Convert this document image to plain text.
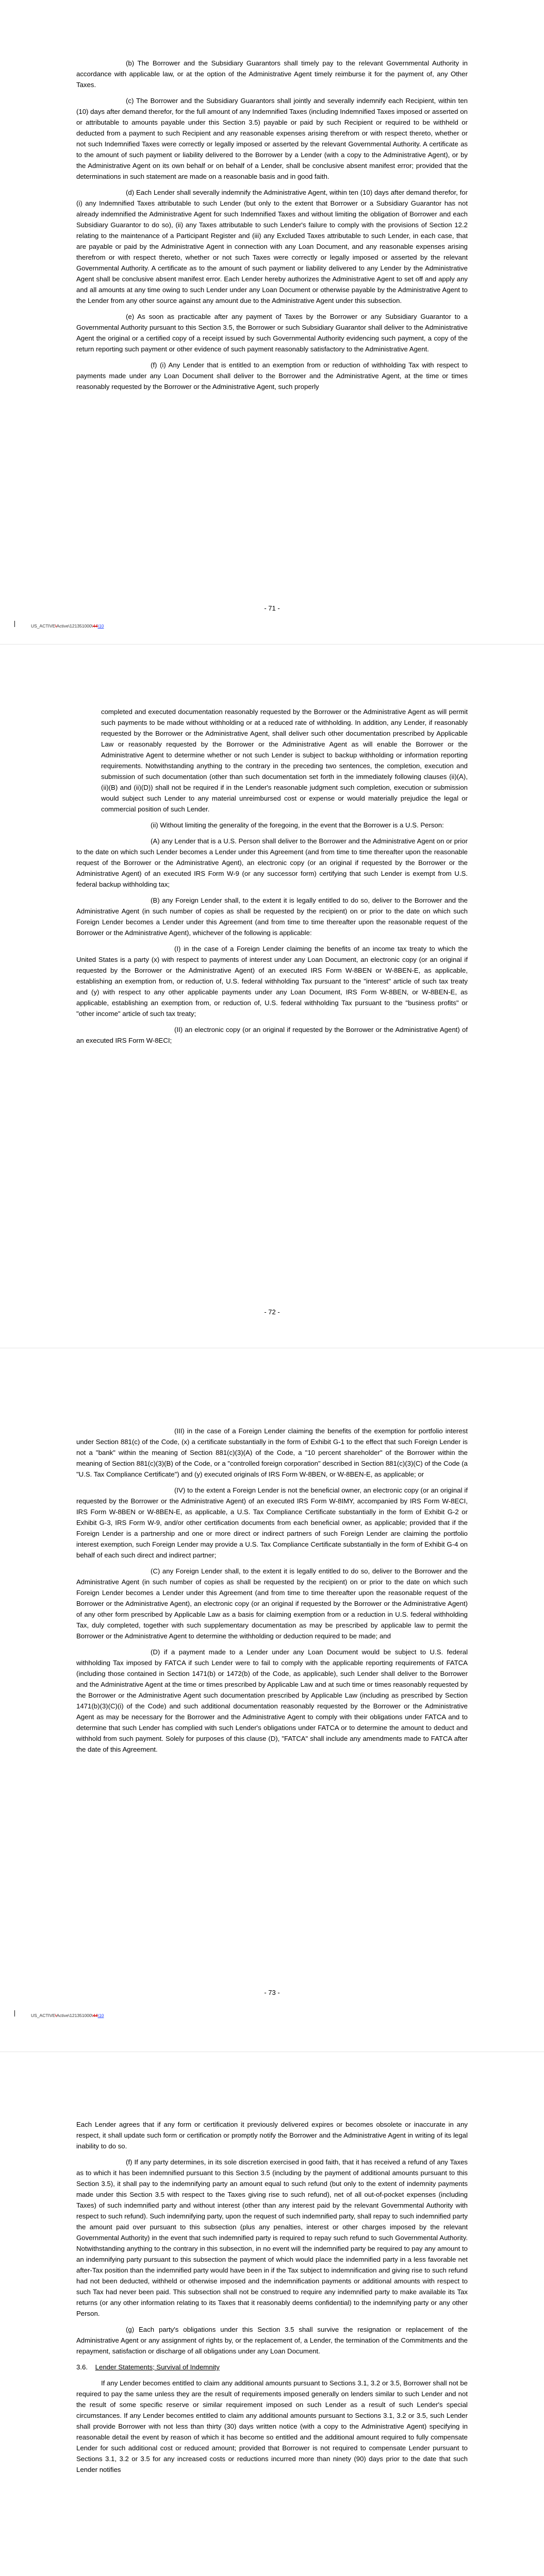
(b) The Borrower and the Subsidiary Guarantors shall timely pay to the relevant Governmental Authority in accordance with applicable law, or at the option of the Administrative Agent timely reimburse it for the payment of, any Other Taxes.

(c) The Borrower and the Subsidiary Guarantors shall jointly and severally indemnify each Recipient, within ten (10) days after demand therefor, for the full amount of any Indemnified Taxes (including Indemnified Taxes imposed or asserted on or attributable to amounts payable under this Section 3.5) payable or paid by such Recipient or required to be withheld or deducted from a payment to such Recipient and any reasonable expenses arising therefrom or with respect thereto, whether or not such Indemnified Taxes were correctly or legally imposed or asserted by the relevant Governmental Authority. A certificate as to the amount of such payment or liability delivered to the Borrower by a Lender (with a copy to the Administrative Agent), or by the Administrative Agent on its own behalf or on behalf of a Lender, shall be conclusive absent manifest error; provided that the determinations in such statement are made on a reasonable basis and in good faith.

(d) Each Lender shall severally indemnify the Administrative Agent, within ten (10) days after demand therefor, for (i) any Indemnified Taxes attributable to such Lender (but only to the extent that Borrower or a Subsidiary Guarantor has not already indemnified the Administrative Agent for such Indemnified Taxes and without limiting the obligation of Borrower and each Subsidiary Guarantor to do so), (ii) any Taxes attributable to such Lender's failure to comply with the provisions of Section 12.2 relating to the maintenance of a Participant Register and (iii) any Excluded Taxes attributable to such Lender, in each case, that are payable or paid by the Administrative Agent in connection with any Loan Document, and any reasonable expenses arising therefrom or with respect thereto, whether or not such Taxes were correctly or legally imposed or asserted by the relevant Governmental Authority. A certificate as to the amount of such payment or liability delivered to any Lender by the Administrative Agent shall be conclusive absent manifest error. Each Lender hereby authorizes the Administrative Agent to set off and apply any and all amounts at any time owing to such Lender under any Loan Document or otherwise payable by the Administrative Agent to the Lender from any other source against any amount due to the Administrative Agent under this subsection.

(e) As soon as practicable after any payment of Taxes by the Borrower or any Subsidiary Guarantor to a Governmental Authority pursuant to this Section 3.5, the Borrower or such Subsidiary Guarantor shall deliver to the Administrative Agent the original or a certified copy of a receipt issued by such Governmental Authority evidencing such payment, a copy of the return reporting such payment or other evidence of such payment reasonably satisfactory to the Administrative Agent.

(f) (i) Any Lender that is entitled to an exemption from or reduction of withholding Tax with respect to payments made under any Loan Document shall deliver to the Borrower and the Administrative Agent, at the time or times reasonably requested by the Borrower or the Administrative Agent, such properly

- 71 -
US_ACTIVE\Active\121351000\44\10

completed and executed documentation reasonably requested by the Borrower or the Administrative Agent as will permit such payments to be made without withholding or at a reduced rate of withholding. In addition, any Lender, if reasonably requested by the Borrower or the Administrative Agent, shall deliver such other documentation prescribed by Applicable Law or reasonably requested by the Borrower or the Administrative Agent as will enable the Borrower or the Administrative Agent to determine whether or not such Lender is subject to backup withholding or information reporting requirements. Notwithstanding anything to the contrary in the preceding two sentences, the completion, execution and submission of such documentation (other than such documentation set forth in the immediately following clauses (ii)(A), (ii)(B) and (ii)(D)) shall not be required if in the Lender's reasonable judgment such completion, execution or submission would subject such Lender to any material unreimbursed cost or expense or would materially prejudice the legal or commercial position of such Lender.

(ii) Without limiting the generality of the foregoing, in the event that the Borrower is a U.S. Person:

(A) any Lender that is a U.S. Person shall deliver to the Borrower and the Administrative Agent on or prior to the date on which such Lender becomes a Lender under this Agreement (and from time to time thereafter upon the reasonable request of the Borrower or the Administrative Agent), an electronic copy (or an original if requested by the Borrower or the Administrative Agent) of an executed IRS Form W-9 (or any successor form) certifying that such Lender is exempt from U.S. federal backup withholding tax;

(B) any Foreign Lender shall, to the extent it is legally entitled to do so, deliver to the Borrower and the Administrative Agent (in such number of copies as shall be requested by the recipient) on or prior to the date on which such Foreign Lender becomes a Lender under this Agreement (and from time to time thereafter upon the reasonable request of the Borrower or the Administrative Agent), whichever of the following is applicable:

(I) in the case of a Foreign Lender claiming the benefits of an income tax treaty to which the United States is a party (x) with respect to payments of interest under any Loan Document, an electronic copy (or an original if requested by the Borrower or the Administrative Agent) of an executed IRS Form W-8BEN or W-8BEN-E, as applicable, establishing an exemption from, or reduction of, U.S. federal withholding Tax pursuant to the "interest" article of such tax treaty and (y) with respect to any other applicable payments under any Loan Document, IRS Form W-8BEN, or W-8BEN-E, as applicable, establishing an exemption from, or reduction of, U.S. federal withholding Tax pursuant to the "business profits" or "other income" article of such tax treaty;

(II) an electronic copy (or an original if requested by the Borrower or the Administrative Agent) of an executed IRS Form W-8ECI;

- 72 -

(III) in the case of a Foreign Lender claiming the benefits of the exemption for portfolio interest under Section 881(c) of the Code, (x) a certificate substantially in the form of Exhibit G-1 to the effect that such Foreign Lender is not a "bank" within the meaning of Section 881(c)(3)(A) of the Code, a "10 percent shareholder" of the Borrower within the meaning of Section 881(c)(3)(B) of the Code, or a "controlled foreign corporation" described in Section 881(c)(3)(C) of the Code (a "U.S. Tax Compliance Certificate") and (y) executed originals of IRS Form W-8BEN, or W-8BEN-E, as applicable; or

(IV) to the extent a Foreign Lender is not the beneficial owner, an electronic copy (or an original if requested by the Borrower or the Administrative Agent) of an executed IRS Form W-8IMY, accompanied by IRS Form W-8ECI, IRS Form W-8BEN or W-8BEN-E, as applicable, a U.S. Tax Compliance Certificate substantially in the form of Exhibit G-2 or Exhibit G-3, IRS Form W-9, and/or other certification documents from each beneficial owner, as applicable; provided that if the Foreign Lender is a partnership and one or more direct or indirect partners of such Foreign Lender are claiming the portfolio interest exemption, such Foreign Lender may provide a U.S. Tax Compliance Certificate substantially in the form of Exhibit G-4 on behalf of each such direct and indirect partner;

(C) any Foreign Lender shall, to the extent it is legally entitled to do so, deliver to the Borrower and the Administrative Agent (in such number of copies as shall be requested by the recipient) on or prior to the date on which such Foreign Lender becomes a Lender under this Agreement (and from time to time thereafter upon the reasonable request of the Borrower or the Administrative Agent), an electronic copy (or an original if requested by the Borrower or the Administrative Agent) of any other form prescribed by Applicable Law as a basis for claiming exemption from or a reduction in U.S. federal withholding Tax, duly completed, together with such supplementary documentation as may be prescribed by applicable law to permit the Borrower or the Administrative Agent to determine the withholding or deduction required to be made; and

(D) if a payment made to a Lender under any Loan Document would be subject to U.S. federal withholding Tax imposed by FATCA if such Lender were to fail to comply with the applicable reporting requirements of FATCA (including those contained in Section 1471(b) or 1472(b) of the Code, as applicable), such Lender shall deliver to the Borrower and the Administrative Agent at the time or times prescribed by Applicable Law and at such time or times reasonably requested by the Borrower or the Administrative Agent such documentation prescribed by Applicable Law (including as prescribed by Section 1471(b)(3)(C)(i) of the Code) and such additional documentation reasonably requested by the Borrower or the Administrative Agent as may be necessary for the Borrower and the Administrative Agent to comply with their obligations under FATCA and to determine that such Lender has complied with such Lender's obligations under FATCA or to determine the amount to deduct and withhold from such payment. Solely for purposes of this clause (D), "FATCA" shall include any amendments made to FATCA after the date of this Agreement.

- 73 -
US_ACTIVE\Active\121351000\44\10

Each Lender agrees that if any form or certification it previously delivered expires or becomes obsolete or inaccurate in any respect, it shall update such form or certification or promptly notify the Borrower and the Administrative Agent in writing of its legal inability to do so.

(f) If any party determines, in its sole discretion exercised in good faith, that it has received a refund of any Taxes as to which it has been indemnified pursuant to this Section 3.5 (including by the payment of additional amounts pursuant to this Section 3.5), it shall pay to the indemnifying party an amount equal to such refund (but only to the extent of indemnity payments made under this Section 3.5 with respect to the Taxes giving rise to such refund), net of all out-of-pocket expenses (including Taxes) of such indemnified party and without interest (other than any interest paid by the relevant Governmental Authority with respect to such refund). Such indemnifying party, upon the request of such indemnified party, shall repay to such indemnified party the amount paid over pursuant to this subsection (plus any penalties, interest or other charges imposed by the relevant Governmental Authority) in the event that such indemnified party is required to repay such refund to such Governmental Authority. Notwithstanding anything to the contrary in this subsection, in no event will the indemnified party be required to pay any amount to an indemnifying party pursuant to this subsection the payment of which would place the indemnified party in a less favorable net after-Tax position than the indemnified party would have been in if the Tax subject to indemnification and giving rise to such refund had not been deducted, withheld or otherwise imposed and the indemnification payments or additional amounts with respect to such Tax had never been paid. This subsection shall not be construed to require any indemnified party to make available its Tax returns (or any other information relating to its Taxes that it reasonably deems confidential) to the indemnifying party or any other Person.

(g) Each party's obligations under this Section 3.5 shall survive the resignation or replacement of the Administrative Agent or any assignment of rights by, or the replacement of, a Lender, the termination of the Commitments and the repayment, satisfaction or discharge of all obligations under any Loan Document.

3.6. Lender Statements; Survival of Indemnity

If any Lender becomes entitled to claim any additional amounts pursuant to Sections 3.1, 3.2 or 3.5, Borrower shall not be required to pay the same unless they are the result of requirements imposed generally on lenders similar to such Lender and not the result of some specific reserve or similar requirement imposed on such Lender as a result of such Lender's special circumstances. If any Lender becomes entitled to claim any additional amounts pursuant to Sections 3.1, 3.2 or 3.5, such Lender shall provide Borrower with not less than thirty (30) days written notice (with a copy to the Administrative Agent) specifying in reasonable detail the event by reason of which it has become so entitled and the additional amount required to fully compensate Lender for such additional cost or reduced amount; provided that Borrower is not required to compensate Lender pursuant to Sections 3.1, 3.2 or 3.5 for any increased costs or reductions incurred more than ninety (90) days prior to the date that such Lender notifies
